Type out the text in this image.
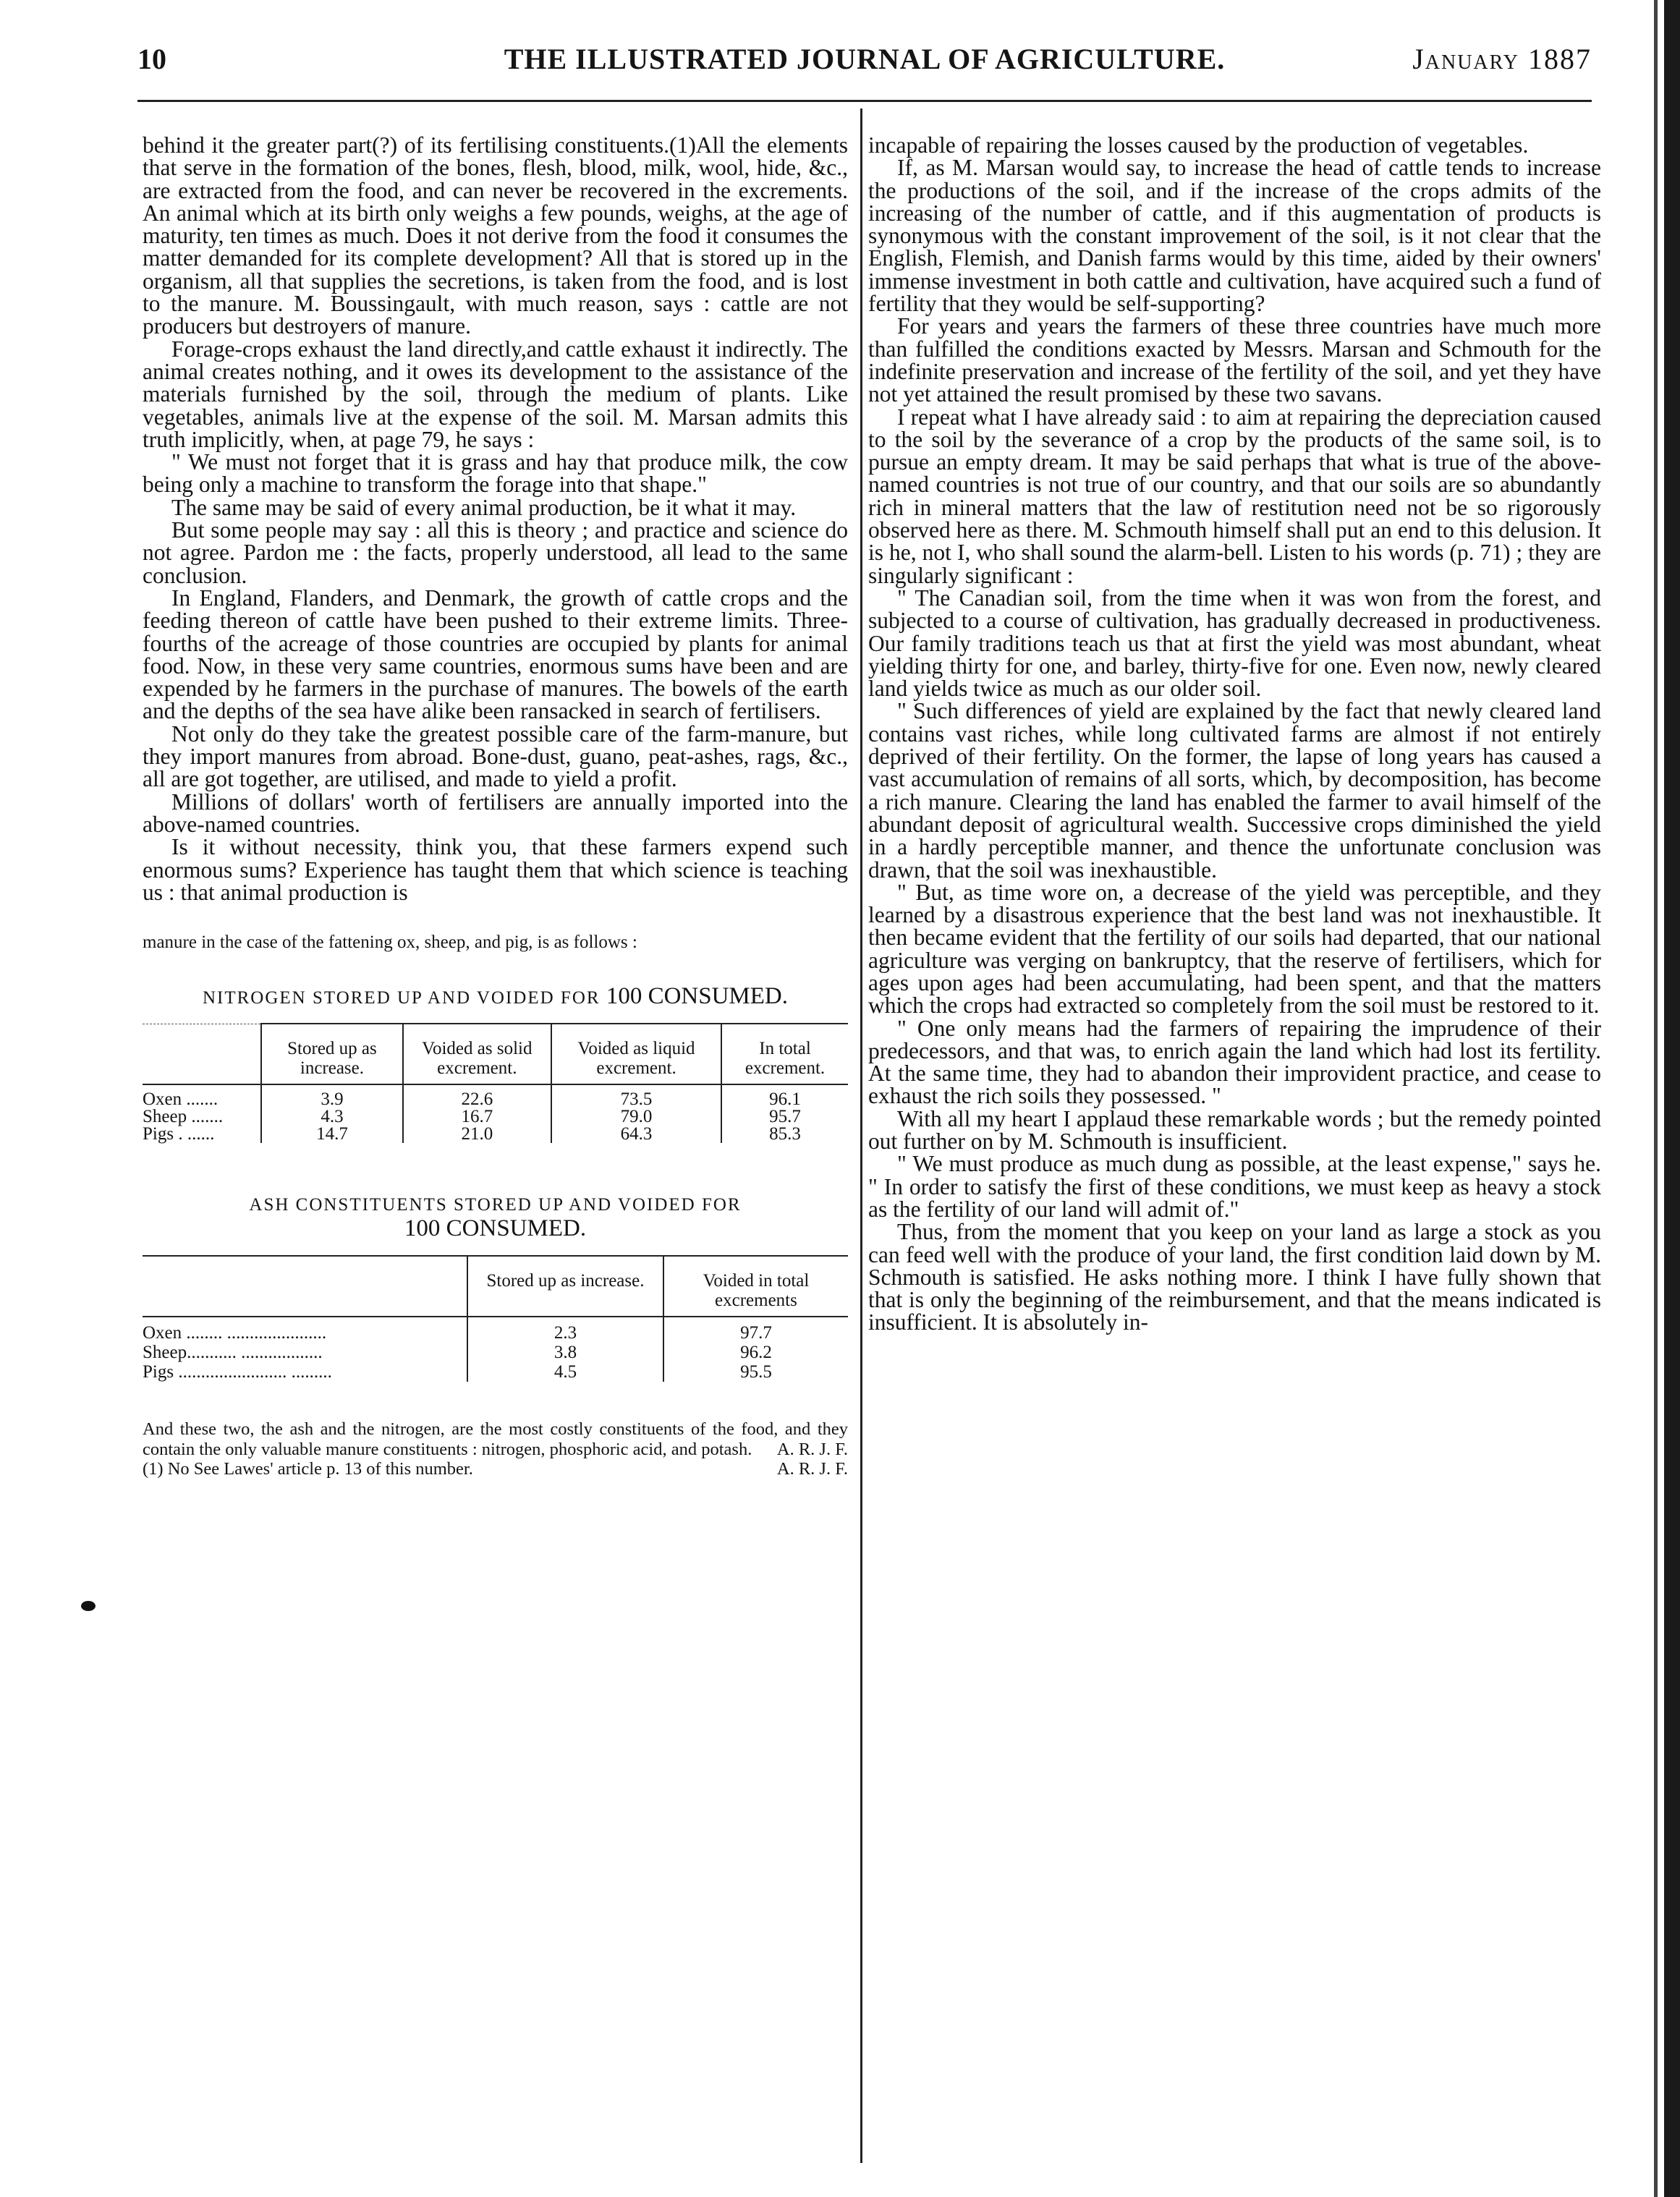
10	THE ILLUSTRATED JOURNAL OF AGRICULTURE.	January 1887

behind it the greater part(?) of its fertilising constituents.(1)All the elements that serve in the formation of the bones, flesh, blood, milk, wool, hide, &c., are extracted from the food, and can never be recovered in the excrements. An animal which at its birth only weighs a few pounds, weighs, at the age of maturity, ten times as much. Does it not derive from the food it consumes the matter demanded for its complete development? All that is stored up in the organism, all that supplies the secretions, is taken from the food, and is lost to the manure. M. Boussingault, with much reason, says : cattle are not producers but destroyers of manure.

Forage-crops exhaust the land directly,and cattle exhaust it indirectly. The animal creates nothing, and it owes its development to the assistance of the materials furnished by the soil, through the medium of plants. Like vegetables, animals live at the expense of the soil. M. Marsan admits this truth implicitly, when, at page 79, he says :

" We must not forget that it is grass and hay that produce milk, the cow being only a machine to transform the forage into that shape."

The same may be said of every animal production, be it what it may.

But some people may say : all this is theory ; and practice and science do not agree. Pardon me : the facts, properly understood, all lead to the same conclusion.

In England, Flanders, and Denmark, the growth of cattle crops and the feeding thereon of cattle have been pushed to their extreme limits. Three-fourths of the acreage of those countries are occupied by plants for animal food. Now, in these very same countries, enormous sums have been and are expended by he farmers in the purchase of manures. The bowels of the earth and the depths of the sea have alike been ransacked in search of fertilisers.

Not only do they take the greatest possible care of the farm-manure, but they import manures from abroad. Bone-dust, guano, peat-ashes, rags, &c., all are got together, are utilised, and made to yield a profit.

Millions of dollars' worth of fertilisers are annually imported into the above-named countries.

Is it without necessity, think you, that these farmers expend such enormous sums? Experience has taught them that which science is teaching us : that animal production is

manure in the case of the fattening ox, sheep, and pig, is as follows :

NITROGEN STORED UP AND VOIDED FOR 100 CONSUMED.
	Stored up as increase.	Voided as solid excrement.	Voided as liquid excrement.	In total excrement.
Oxen .......	3.9	22.6	73.5	96.1
Sheep .......	4.3	16.7	79.0	95.7
Pigs . ......	14.7	21.0	64.3	85.3
ASH CONSTITUENTS STORED UP AND VOIDED FOR
100 CONSUMED.
	Stored up as increase.	Voided in total excrements
Oxen ........ ......................	2.3	97.7
Sheep........... ..................	3.8	96.2
Pigs ........................ .........	4.5	95.5
And these two, the ash and the nitrogen, are the most costly constituents of the food, and they contain the only valuable manure constituents : nitrogen, phosphoric acid, and potash. A. R. J. F.
(1) No See Lawes' article p. 13 of this number.	A. R. J. F.

incapable of repairing the losses caused by the production of vegetables.

If, as M. Marsan would say, to increase the head of cattle tends to increase the productions of the soil, and if the increase of the crops admits of the increasing of the number of cattle, and if this augmentation of products is synonymous with the constant improvement of the soil, is it not clear that the English, Flemish, and Danish farms would by this time, aided by their owners' immense investment in both cattle and cultivation, have acquired such a fund of fertility that they would be self-supporting?

For years and years the farmers of these three countries have much more than fulfilled the conditions exacted by Messrs. Marsan and Schmouth for the indefinite preservation and increase of the fertility of the soil, and yet they have not yet attained the result promised by these two savans.

I repeat what I have already said : to aim at repairing the depreciation caused to the soil by the severance of a crop by the products of the same soil, is to pursue an empty dream. It may be said perhaps that what is true of the above-named countries is not true of our country, and that our soils are so abundantly rich in mineral matters that the law of restitution need not be so rigorously observed here as there. M. Schmouth himself shall put an end to this delusion. It is he, not I, who shall sound the alarm-bell. Listen to his words (p. 71) ; they are singularly significant :

" The Canadian soil, from the time when it was won from the forest, and subjected to a course of cultivation, has gradually decreased in productiveness. Our family traditions teach us that at first the yield was most abundant, wheat yielding thirty for one, and barley, thirty-five for one. Even now, newly cleared land yields twice as much as our older soil.

" Such differences of yield are explained by the fact that newly cleared land contains vast riches, while long cultivated farms are almost if not entirely deprived of their fertility. On the former, the lapse of long years has caused a vast accumulation of remains of all sorts, which, by decomposition, has become a rich manure. Clearing the land has enabled the farmer to avail himself of the abundant deposit of agricultural wealth. Successive crops diminished the yield in a hardly perceptible manner, and thence the unfortunate conclusion was drawn, that the soil was inexhaustible.

" But, as time wore on, a decrease of the yield was perceptible, and they learned by a disastrous experience that the best land was not inexhaustible. It then became evident that the fertility of our soils had departed, that our national agriculture was verging on bankruptcy, that the reserve of fertilisers, which for ages upon ages had been accumulating, had been spent, and that the matters which the crops had extracted so completely from the soil must be restored to it.

" One only means had the farmers of repairing the imprudence of their predecessors, and that was, to enrich again the land which had lost its fertility. At the same time, they had to abandon their improvident practice, and cease to exhaust the rich soils they possessed. "

With all my heart I applaud these remarkable words ; but the remedy pointed out further on by M. Schmouth is insufficient.

" We must produce as much dung as possible, at the least expense," says he. " In order to satisfy the first of these conditions, we must keep as heavy a stock as the fertility of our land will admit of."

Thus, from the moment that you keep on your land as large a stock as you can feed well with the produce of your land, the first condition laid down by M. Schmouth is satisfied. He asks nothing more. I think I have fully shown that that is only the beginning of the reimbursement, and that the means indicated is insufficient. It is absolutely in-
